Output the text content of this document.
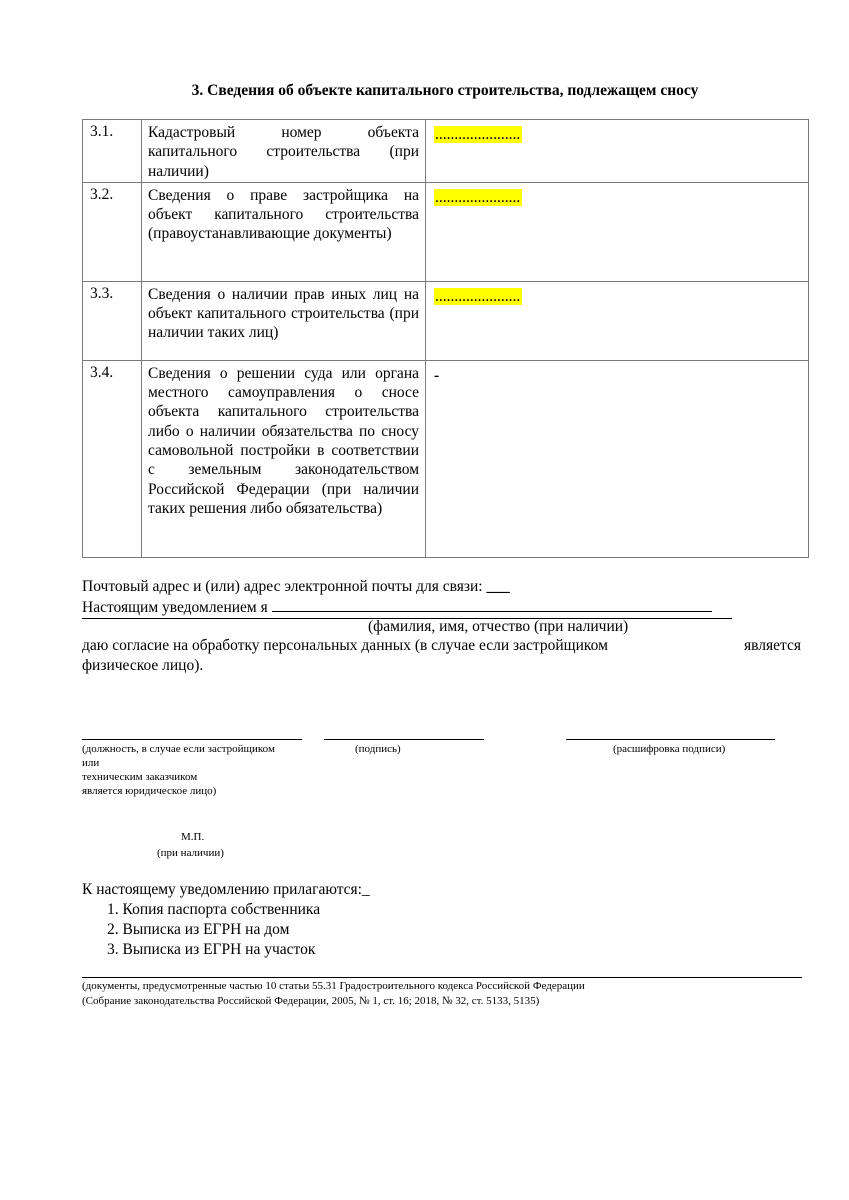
3. Сведения об объекте капитального строительства, подлежащем сносу
3.1.	Кадастровый номер объекта капитального строительства (при наличии)	......................
3.2.	Сведения о праве застройщика на объект капитального строительства (правоустанавливающие документы)	......................
3.3.	Сведения о наличии прав иных лиц на объект капитального строительства (при наличии таких лиц)	......................
3.4.	Сведения о решении суда или органа местного самоуправления о сносе объекта капитального строительства либо о наличии обязательства по сносу самовольной постройки в соответствии с земельным законодательством Российской Федерации (при наличии таких решения либо обязательства)	-
Почтовый адрес и (или) адрес электронной почты для связи: ___
Настоящим уведомлением я
(фамилия, имя, отчество (при наличии)
даю согласие на обработку персональных данных (в случае если застройщиком	является
физическое лицо).
(должность, в случае если застройщиком
или
техническим заказчиком
является юридическое лицо)
(подпись)	(расшифровка подписи)
М.П.
(при наличии)
К настоящему уведомлению прилагаются:_
1. Копия паспорта собственника
2. Выписка из ЕГРН на дом
3. Выписка из ЕГРН на участок
(документы, предусмотренные частью 10 статьи 55.31 Градостроительного кодекса Российской Федерации
(Собрание законодательства Российской Федерации, 2005, № 1, ст. 16; 2018, № 32, ст. 5133, 5135)
